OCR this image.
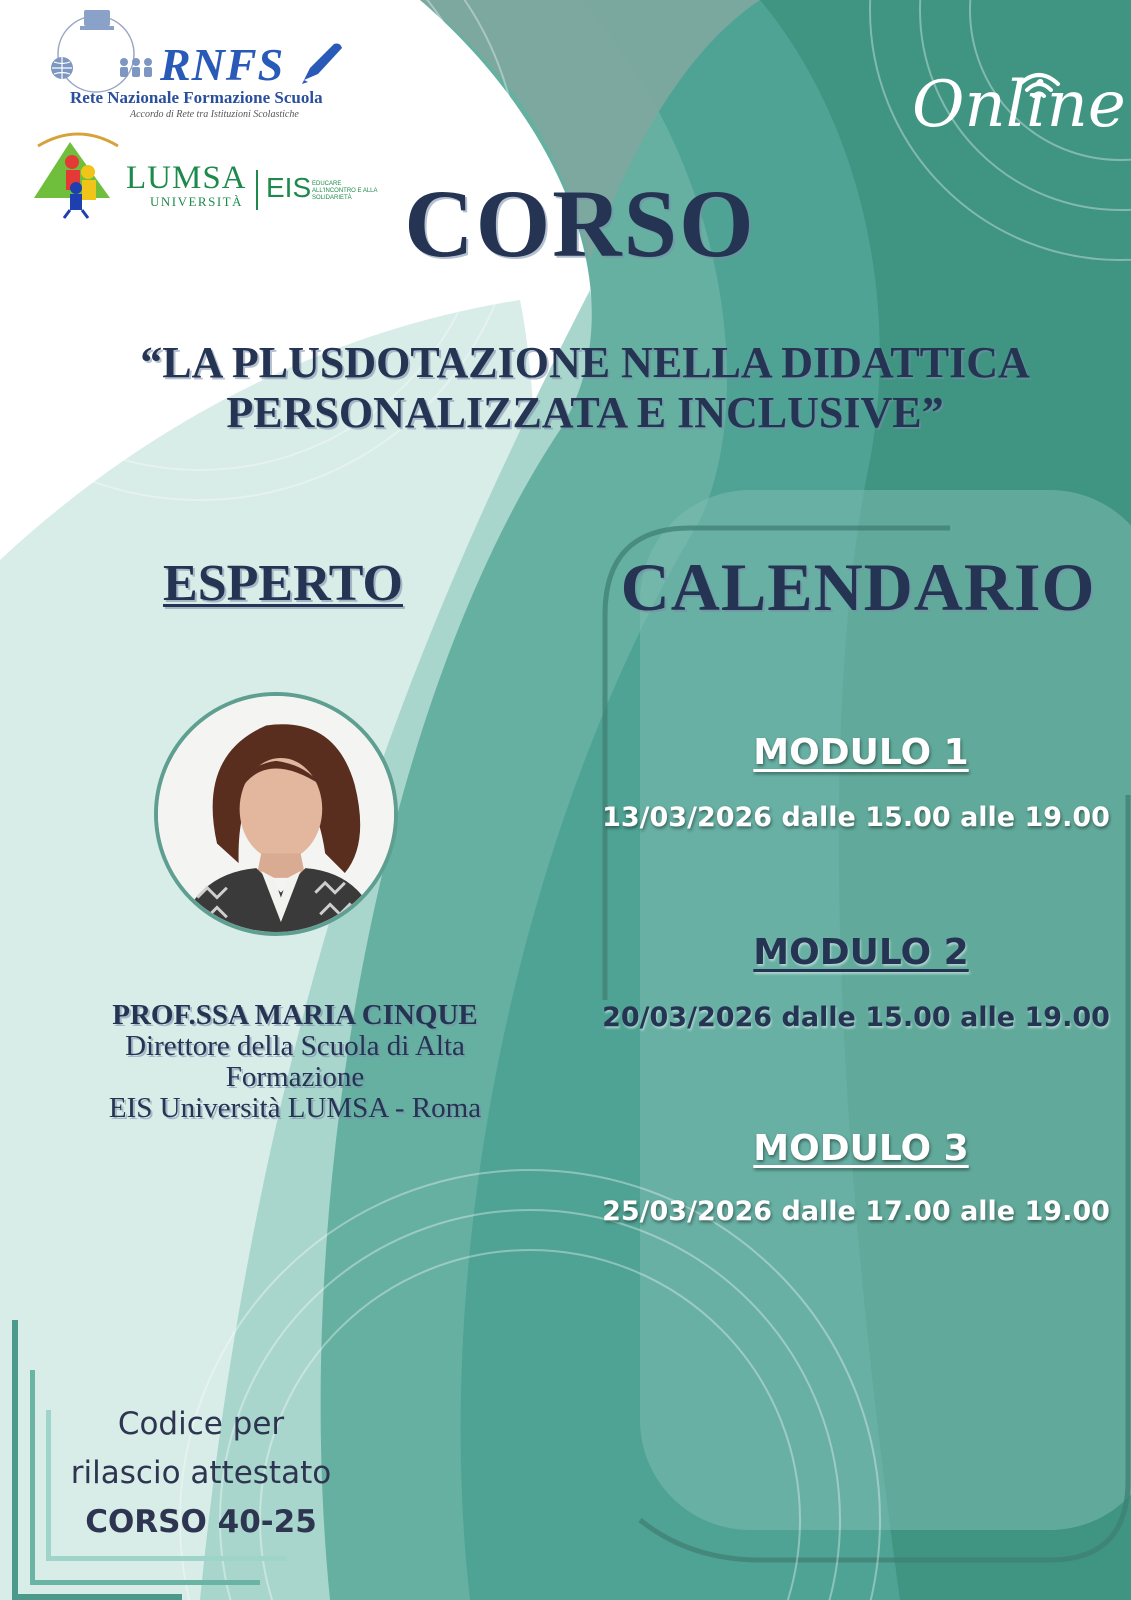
RNFS
Rete Nazionale Formazione Scuola
Accordo di Rete tra Istituzioni Scolastiche
LUMSA
UNIVERSITÀ EIS EDUCARE ALL'INCONTRO E ALLA SOLIDARIETÀ
Online
CORSO
“LA PLUSDOTAZIONE NELLA DIDATTICA
PERSONALIZZATA E INCLUSIVE”
ESPERTO
PROF.SSA MARIA CINQUE
Direttore della Scuola di Alta
Formazione
EIS Università LUMSA - Roma
CALENDARIO
MODULO 1
13/03/2026 dalle 15.00 alle 19.00
MODULO 2
20/03/2026 dalle 15.00 alle 19.00
MODULO 3
25/03/2026 dalle 17.00 alle 19.00
Codice per
rilascio attestato
CORSO 40-25
